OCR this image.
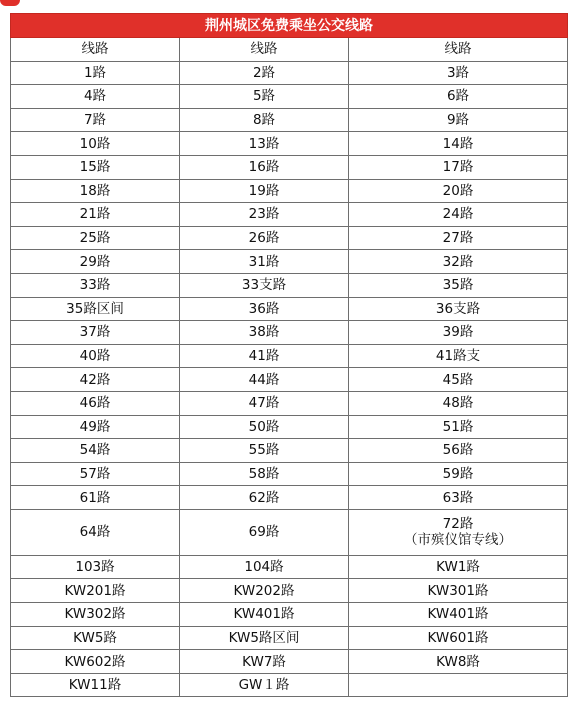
荆州城区免费乘坐公交线路		
线路	线路	线路

1路	2路	3路

4路	5路	6路

7路	8路	9路

10路	13路	14路

15路	16路	17路

18路	19路	20路

21路	23路	24路

25路	26路	27路

29路	31路	32路

33路	33支路	35路

35路区间	36路	36支路

37路	38路	39路

40路	41路	41路支

42路	44路	45路

46路	47路	48路

49路	50路	51路

54路	55路	56路

57路	58路	59路

61路	62路	63路

64路	69路	72路
（市殡仪馆专线）

103路	104路	KW1路

KW201路	KW202路	KW301路

KW302路	KW401路	KW401路

KW5路	KW5路区间	KW601路

KW602路	KW7路	KW8路

KW11路	GW１路	
